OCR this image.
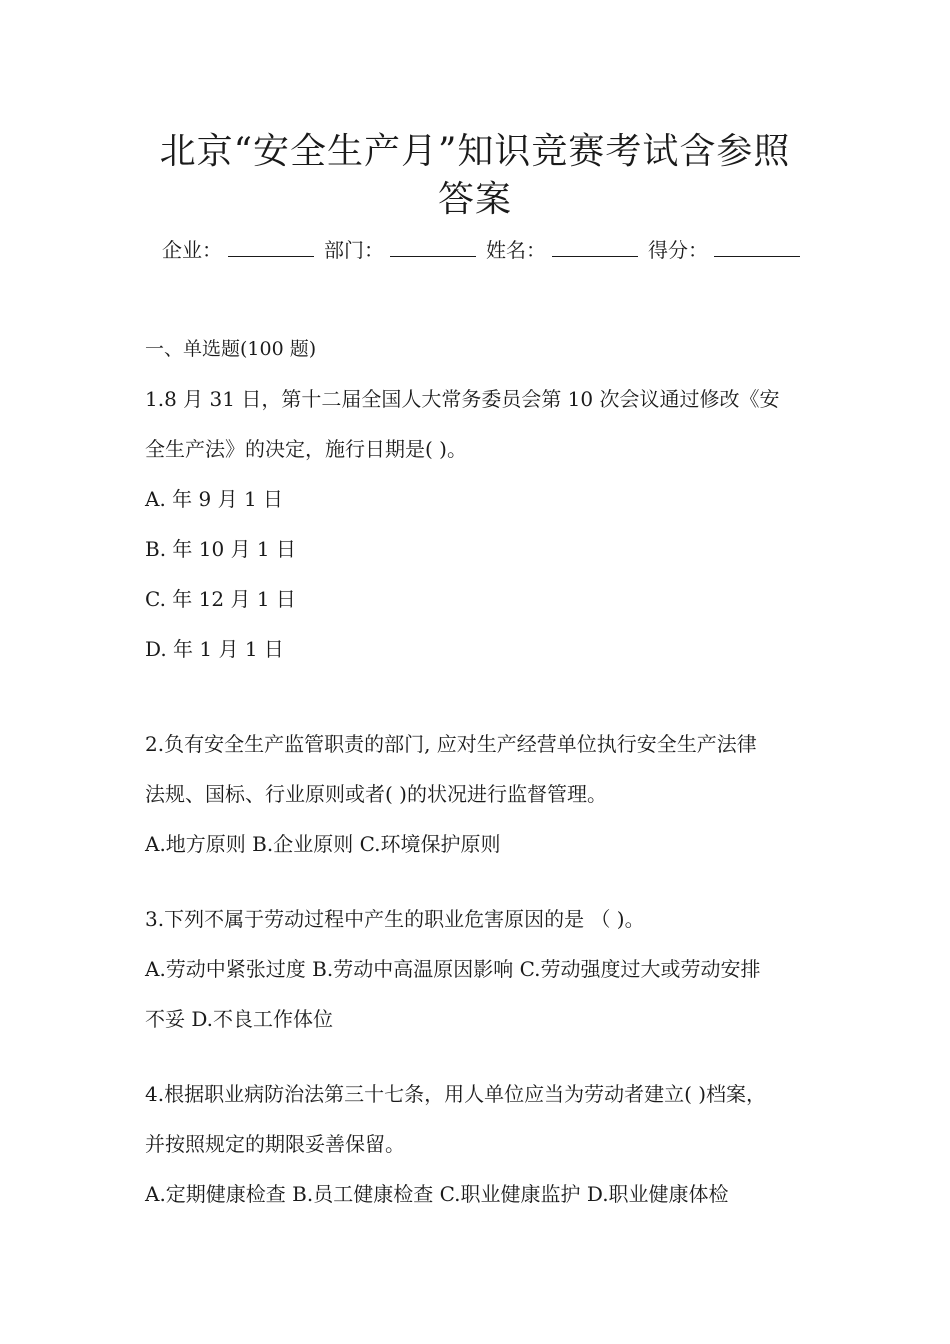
北京“安全生产月”知识竞赛考试含参照
答案
企业：	部门：	姓名：	得分：
一、单选题(100 题)
1.8 月 31 日，第十二届全国人大常务委员会第 10 次会议通过修改《安
全生产法》的决定，施行日期是( )。
A. 年 9 月 1 日
B. 年 10 月 1 日
C. 年 12 月 1 日
D. 年 1 月 1 日
2.负有安全生产监管职责的部门, 应对生产经营单位执行安全生产法律
法规、国标、行业原则或者( )的状况进行监督管理。
A.地方原则 B.企业原则 C.环境保护原则
3.下列不属于劳动过程中产生的职业危害原因的是 （ )。
A.劳动中紧张过度 B.劳动中高温原因影响 C.劳动强度过大或劳动安排
不妥 D.不良工作体位
4.根据职业病防治法第三十七条，用人单位应当为劳动者建立( )档案，
并按照规定的期限妥善保留。
A.定期健康检查 B.员工健康检查 C.职业健康监护 D.职业健康体检
